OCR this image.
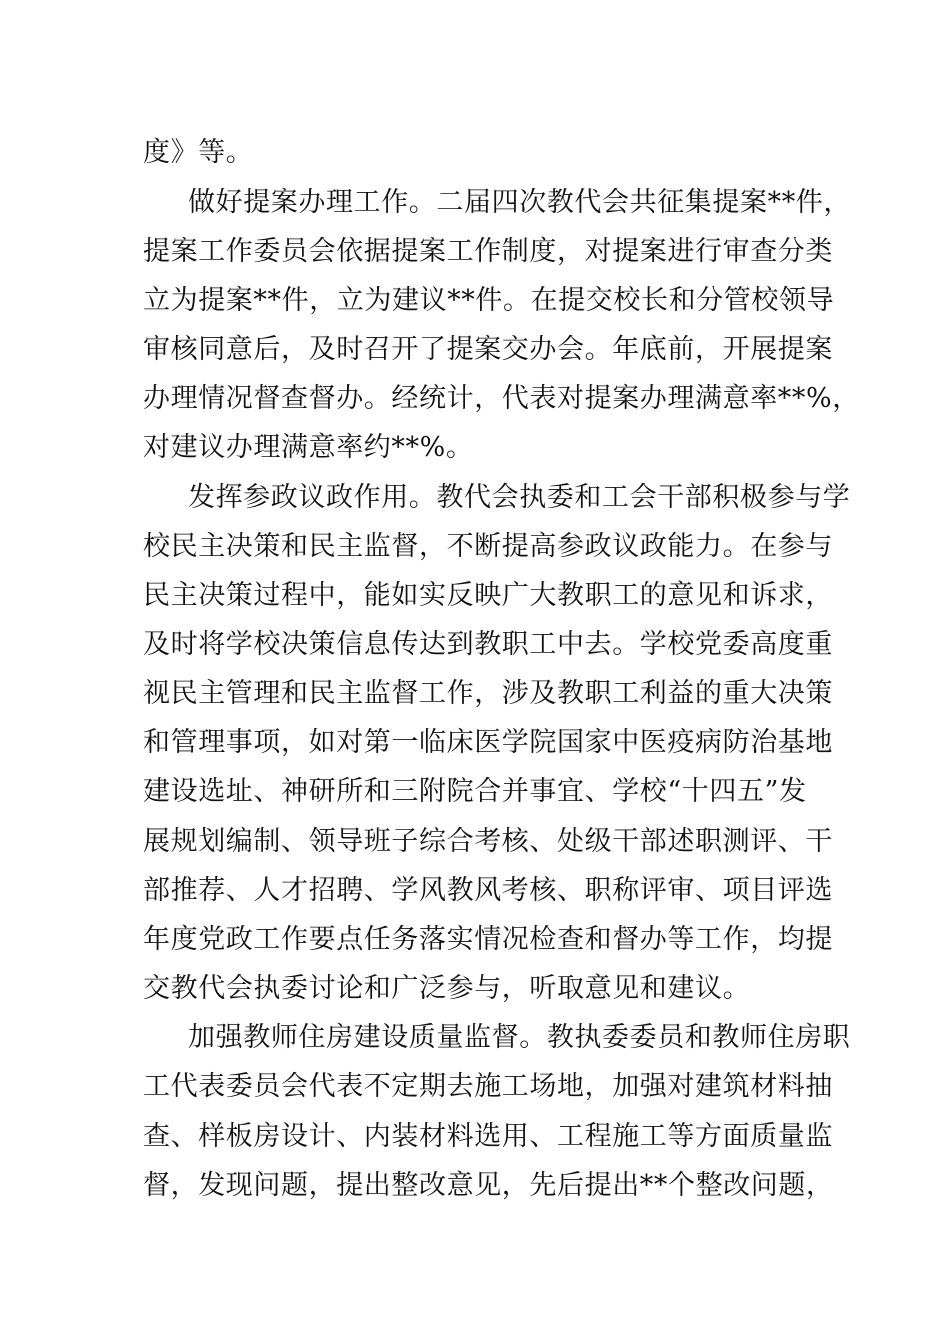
度》等。
做好提案办理工作。二届四次教代会共征集提案**件，
提案工作委员会依据提案工作制度，对提案进行审查分类
立为提案**件，立为建议**件。在提交校长和分管校领导
审核同意后，及时召开了提案交办会。年底前，开展提案
办理情况督查督办。经统计，代表对提案办理满意率**%，
对建议办理满意率约**%。
发挥参政议政作用。教代会执委和工会干部积极参与学
校民主决策和民主监督，不断提高参政议政能力。在参与
民主决策过程中，能如实反映广大教职工的意见和诉求，
及时将学校决策信息传达到教职工中去。学校党委高度重
视民主管理和民主监督工作，涉及教职工利益的重大决策
和管理事项，如对第一临床医学院国家中医疫病防治基地
建设选址、神研所和三附院合并事宜、学校“十四五”发
展规划编制、领导班子综合考核、处级干部述职测评、干
部推荐、人才招聘、学风教风考核、职称评审、项目评选
年度党政工作要点任务落实情况检查和督办等工作，均提
交教代会执委讨论和广泛参与，听取意见和建议。
加强教师住房建设质量监督。教执委委员和教师住房职
工代表委员会代表不定期去施工场地，加强对建筑材料抽
查、样板房设计、内装材料选用、工程施工等方面质量监
督，发现问题，提出整改意见，先后提出**个整改问题，
